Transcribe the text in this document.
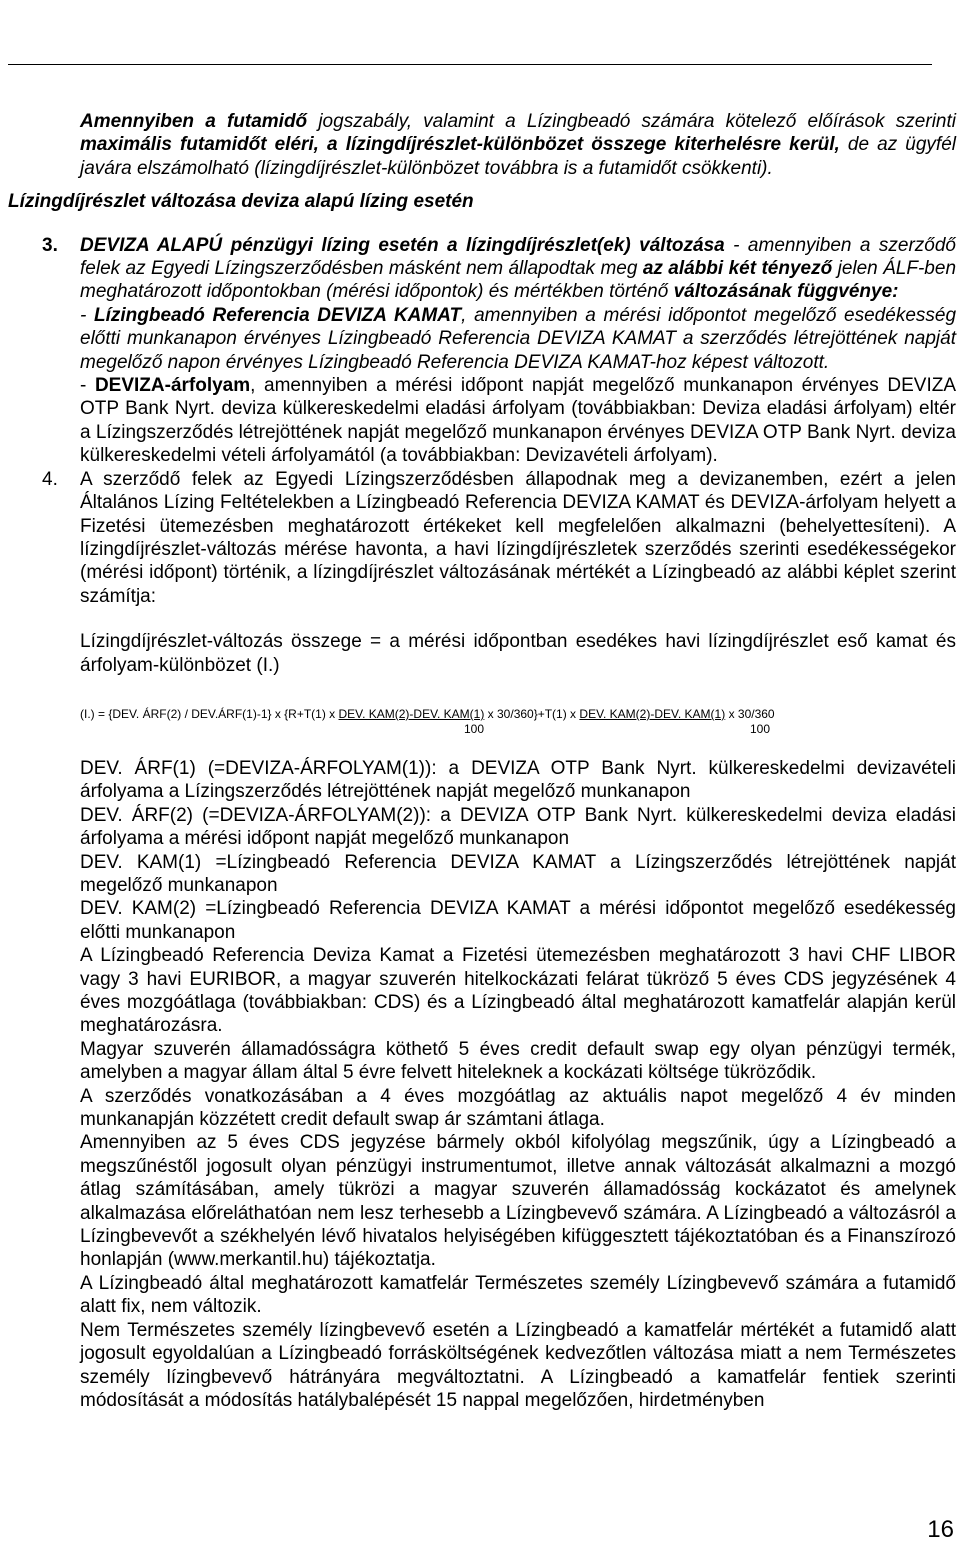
Gépjármű zártvégű pénzügyi lízing	2012. április 5.
Merkantil Car Zrt.

Amennyiben a futamidő jogszabály, valamint a Lízingbeadó számára kötelező előírások szerinti maximális futamidőt eléri, a lízingdíjrészlet-különbözet összege kiterhelésre kerül, de az ügyfél javára elszámolható (lízingdíjrészlet-különbözet továbbra is a futamidőt csökkenti).

Lízingdíjrészlet változása deviza alapú lízing esetén

3.	DEVIZA ALAPÚ pénzügyi lízing esetén a lízingdíjrészlet(ek) változása - amennyiben a szerződő felek az Egyedi Lízingszerződésben másként nem állapodtak meg az alábbi két tényező jelen ÁLF-ben meghatározott időpontokban (mérési időpontok) és mértékben történő változásának függvénye:

- Lízingbeadó Referencia DEVIZA KAMAT, amennyiben a mérési időpontot megelőző esedékesség előtti munkanapon érvényes Lízingbeadó Referencia DEVIZA KAMAT a szerződés létrejöttének napját megelőző napon érvényes Lízingbeadó Referencia DEVIZA KAMAT-hoz képest változott.

- DEVIZA-árfolyam, amennyiben a mérési időpont napját megelőző munkanapon érvényes DEVIZA OTP Bank Nyrt. deviza külkereskedelmi eladási árfolyam (továbbiakban: Deviza eladási árfolyam) eltér a Lízingszerződés létrejöttének napját megelőző munkanapon érvényes DEVIZA OTP Bank Nyrt. deviza külkereskedelmi vételi árfolyamától (a továbbiakban: Devizavételi árfolyam).

4.	A szerződő felek az Egyedi Lízingszerződésben állapodnak meg a devizanemben, ezért a jelen Általános Lízing Feltételekben a Lízingbeadó Referencia DEVIZA KAMAT és DEVIZA-árfolyam helyett a Fizetési ütemezésben meghatározott értékeket kell megfelelően alkalmazni (behelyettesíteni). A lízingdíjrészlet-változás mérése havonta, a havi lízingdíjrészletek szerződés szerinti esedékességekor (mérési időpont) történik, a lízingdíjrészlet változásának mértékét a Lízingbeadó az alábbi képlet szerint számítja:

Lízingdíjrészlet-változás összege = a mérési időpontban esedékes havi lízingdíjrészlet eső kamat és árfolyam-különbözet (I.)

(I.) = {DEV. ÁRF(2) / DEV.ÁRF(1)-1} x {R+T(1) x DEV. KAM(2)-DEV. KAM(1) x 30/360}+T(1) x DEV. KAM(2)-DEV. KAM(1) x 30/360
100	100

DEV. ÁRF(1) (=DEVIZA-ÁRFOLYAM(1)): a DEVIZA OTP Bank Nyrt. külkereskedelmi devizavételi árfolyama a Lízingszerződés létrejöttének napját megelőző munkanapon

DEV. ÁRF(2) (=DEVIZA-ÁRFOLYAM(2)): a DEVIZA OTP Bank Nyrt. külkereskedelmi deviza eladási árfolyama a mérési időpont napját megelőző munkanapon

DEV. KAM(1) =Lízingbeadó Referencia DEVIZA KAMAT a Lízingszerződés létrejöttének napját megelőző munkanapon

DEV. KAM(2) =Lízingbeadó Referencia DEVIZA KAMAT a mérési időpontot megelőző esedékesség előtti munkanapon

A Lízingbeadó Referencia Deviza Kamat a Fizetési ütemezésben meghatározott 3 havi CHF LIBOR vagy 3 havi EURIBOR, a magyar szuverén hitelkockázati felárat tükröző 5 éves CDS jegyzésének 4 éves mozgóátlaga (továbbiakban: CDS) és a Lízingbeadó által meghatározott kamatfelár alapján kerül meghatározásra.

Magyar szuverén államadósságra köthető 5 éves credit default swap egy olyan pénzügyi termék, amelyben a magyar állam által 5 évre felvett hiteleknek a kockázati költsége tükröződik.

A szerződés vonatkozásában a 4 éves mozgóátlag az aktuális napot megelőző 4 év minden munkanapján közzétett credit default swap ár számtani átlaga.

Amennyiben az 5 éves CDS jegyzése bármely okból kifolyólag megszűnik, úgy a Lízingbeadó a megszűnéstől jogosult olyan pénzügyi instrumentumot, illetve annak változását alkalmazni a mozgó átlag számításában, amely tükrözi a magyar szuverén államadósság kockázatot és amelynek alkalmazása előreláthatóan nem lesz terhesebb a Lízingbevevő számára. A Lízingbeadó a változásról a Lízingbevevőt a székhelyén lévő hivatalos helyiségében kifüggesztett tájékoztatóban és a Finanszírozó honlapján (www.merkantil.hu) tájékoztatja.

A Lízingbeadó által meghatározott kamatfelár Természetes személy Lízingbevevő számára a futamidő alatt fix, nem változik.

Nem Természetes személy lízingbevevő esetén a Lízingbeadó a kamatfelár mértékét a futamidő alatt jogosult egyoldalúan a Lízingbeadó forrásköltségének kedvezőtlen változása miatt a nem Természetes személy lízingbevevő hátrányára megváltoztatni. A Lízingbeadó a kamatfelár fentiek szerinti módosítását a módosítás hatálybalépését 15 nappal megelőzően, hirdetményben

16
